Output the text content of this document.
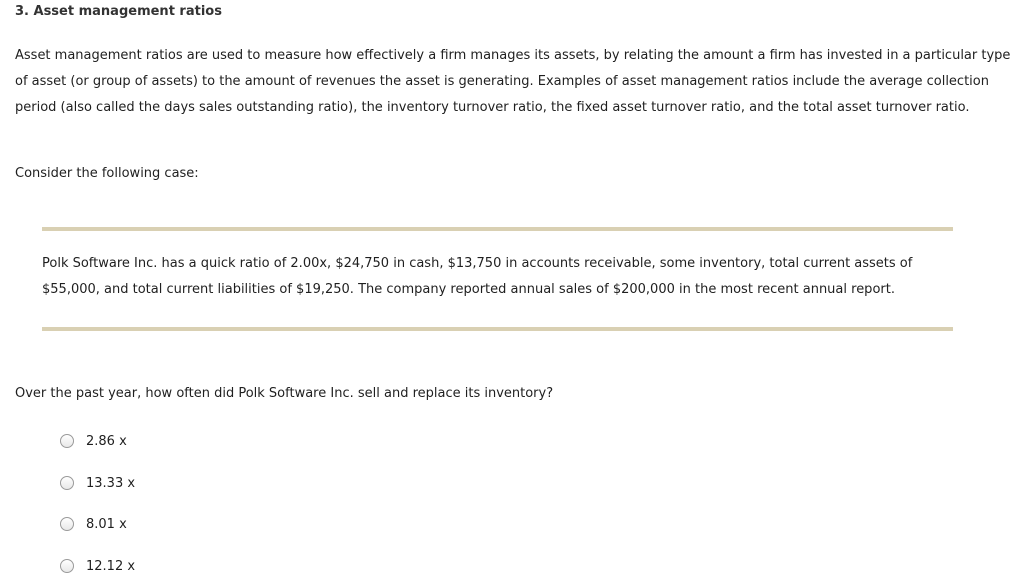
3. Asset management ratios

Asset management ratios are used to measure how effectively a firm manages its assets, by relating the amount a firm has invested in a particular type of asset (or group of assets) to the amount of revenues the asset is generating. Examples of asset management ratios include the average collection period (also called the days sales outstanding ratio), the inventory turnover ratio, the fixed asset turnover ratio, and the total asset turnover ratio.

Consider the following case:

Polk Software Inc. has a quick ratio of 2.00x, $24,750 in cash, $13,750 in accounts receivable, some inventory, total current assets of $55,000, and total current liabilities of $19,250. The company reported annual sales of $200,000 in the most recent annual report.

Over the past year, how often did Polk Software Inc. sell and replace its inventory?

2.86 x
13.33 x
8.01 x
12.12 x
